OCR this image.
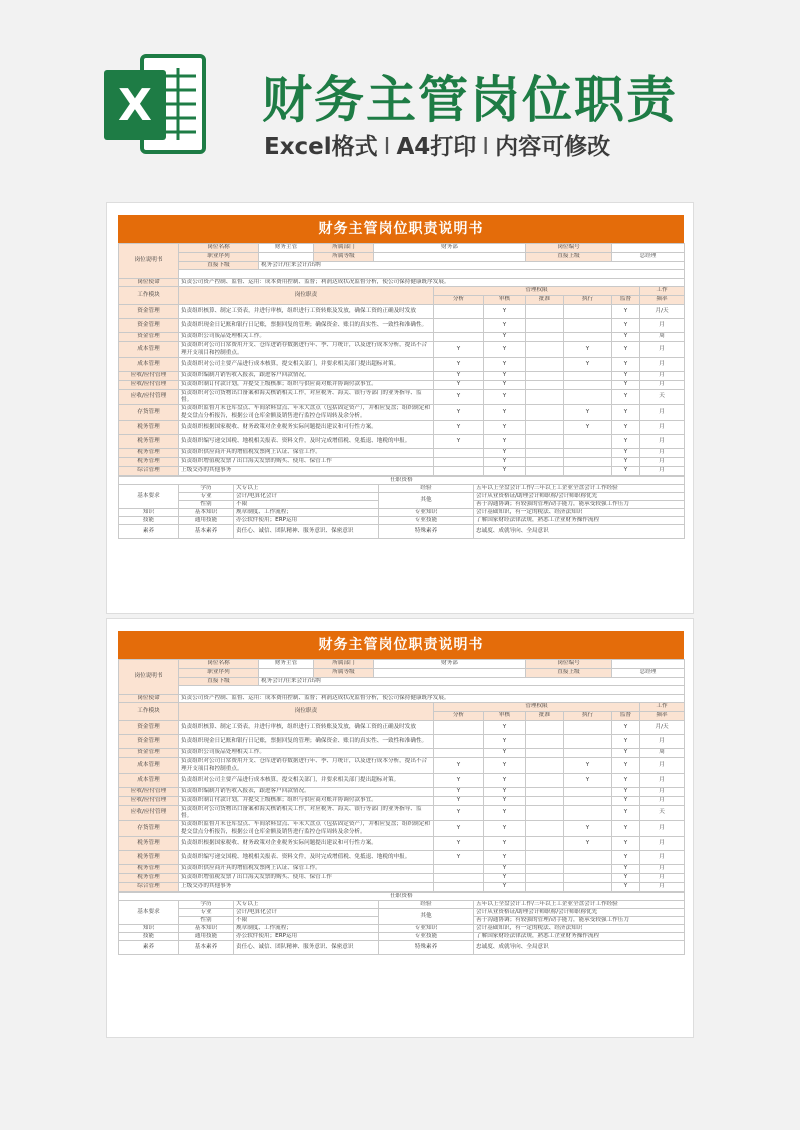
X 财务主管岗位职责
Excel格式 I A4打印 I 内容可修改
财务主管岗位职责说明书
岗位说明书	岗位名称	财务主管	所属部门	财务部			岗位编号			
	职业序列		所属等级				直接上级		总经理	
	直接下级	税务会计/往来会计/出纳								

岗位使命	负责公司资产控制、监督、运用：成本费用控制、监督；利润达成状况监督分析，使公司保持健康既序发展。									
工作模块	岗位职责				管理权限					工作
					分析	审核	批准	执行	监督	频率
资金管理	负责组织核算、制定工资表，并进行审核，组织进行工资转账及发放，确保工资的正确及时发放					Y			Y	月/天
资金管理	负责组织现金日记账和银行日记账，票据回复的管理；确保资金、账目的真实性、一致性和准确性。					Y			Y	月
资金管理	负责组织公司废品处理相关工作。					Y			Y	周
成本管理	负责组织对公司日常费用开支、仓库进销存数据进行年、季、月统计，以及进行成本分析，提出不合理开支项目和控制重点。				Y	Y		Y	Y	月
成本管理	负责组织对公司主要产品进行成本核算，提交相关部门，并要求相关部门提出超标对策。				Y	Y		Y	Y	月
应收/应付管理	负责组织编制月销售收入报表，跟进客户回款情况。				Y	Y			Y	月
应收/应付管理	负责组织制订付款计划，并提交上级核准；组织与供应商对账并协调付款事宜。				Y	Y			Y	月
应收/应付管理	负责组织对公司货物出口备案和海关核销相关工作，对应税务、海关、银行等部门的业务指导、监督。				Y	Y			Y	天
存货管理	负责组织监督月末仓库盘点、车间余料盘点、年末大盘点（包括固定资产），并相应复盘；组织制定和提交盘点分析报告，根据公司仓库金额及销售进行监控仓库周转及余分析。				Y	Y		Y	Y	月
税务管理	负责组织根据国家税收、财务政策对企业税务实际问题提出建议和可行性方案。				Y	Y		Y	Y	月
税务管理	负责组织编写递交国税、地税相关报表、资料文件，及时完成增值税、免抵退、地税的申报。				Y	Y			Y	月
税务管理	负责组织供应商开具的增值税发票网上认证、保管工作。					Y			Y	月
税务管理	负责组织增值税发票 / 出口海关发票的购买、使用、保管工作					Y			Y	月
综合管理	上级交办的其他事务					Y			Y	月
任职资格				
基本要求	学历	大专以上	经验	五年以上全盘会计工作/三年以上工企业全盘会计工作经验
	专业	会计/电算化会计	其他	会计从业资格证/助理会计师职称/会计师职称优先
	性别	不限		善于沟通协调；有较强的管理/动手能力，能承受较强工作压力
知识	基本知识	规章制度、工作流程；	专业知识	会计基础知识，有一定的税法、经济法知识
技能	通用技能	办公软件使用；ERP运用	专业技能	了解国家财经法律法规，熟悉工企业财务操作流程
素养	基本素养	责任心、诚信、团队精神、服务意识、保密意识	特殊素养	忠诚度、成就导向、全局意识
财务主管岗位职责说明书
岗位说明书	岗位名称	财务主管	所属部门	财务部			岗位编号			
	职业序列		所属等级				直接上级		总经理	
	直接下级	税务会计/往来会计/出纳								

岗位使命	负责公司资产控制、监督、运用：成本费用控制、监督；利润达成状况监督分析，使公司保持健康既序发展。									
工作模块	岗位职责				管理权限					工作
					分析	审核	批准	执行	监督	频率
资金管理	负责组织核算、制定工资表，并进行审核，组织进行工资转账及发放，确保工资的正确及时发放					Y			Y	月/天
资金管理	负责组织现金日记账和银行日记账，票据回复的管理；确保资金、账目的真实性、一致性和准确性。					Y			Y	月
资金管理	负责组织公司废品处理相关工作。					Y			Y	周
成本管理	负责组织对公司日常费用开支、仓库进销存数据进行年、季、月统计，以及进行成本分析，提出不合理开支项目和控制重点。				Y	Y		Y	Y	月
成本管理	负责组织对公司主要产品进行成本核算，提交相关部门，并要求相关部门提出超标对策。				Y	Y		Y	Y	月
应收/应付管理	负责组织编制月销售收入报表，跟进客户回款情况。				Y	Y			Y	月
应收/应付管理	负责组织制订付款计划，并提交上级核准；组织与供应商对账并协调付款事宜。				Y	Y			Y	月
应收/应付管理	负责组织对公司货物出口备案和海关核销相关工作，对应税务、海关、银行等部门的业务指导、监督。				Y	Y			Y	天
存货管理	负责组织监督月末仓库盘点、车间余料盘点、年末大盘点（包括固定资产），并相应复盘；组织制定和提交盘点分析报告，根据公司仓库金额及销售进行监控仓库周转及余分析。				Y	Y		Y	Y	月
税务管理	负责组织根据国家税收、财务政策对企业税务实际问题提出建议和可行性方案。				Y	Y		Y	Y	月
税务管理	负责组织编写递交国税、地税相关报表、资料文件，及时完成增值税、免抵退、地税的申报。				Y	Y			Y	月
税务管理	负责组织供应商开具的增值税发票网上认证、保管工作。					Y			Y	月
税务管理	负责组织增值税发票 / 出口海关发票的购买、使用、保管工作					Y			Y	月
综合管理	上级交办的其他事务					Y			Y	月
任职资格				
基本要求	学历	大专以上	经验	五年以上全盘会计工作/三年以上工企业全盘会计工作经验
	专业	会计/电算化会计	其他	会计从业资格证/助理会计师职称/会计师职称优先
	性别	不限		善于沟通协调；有较强的管理/动手能力，能承受较强工作压力
知识	基本知识	规章制度、工作流程；	专业知识	会计基础知识，有一定的税法、经济法知识
技能	通用技能	办公软件使用；ERP运用	专业技能	了解国家财经法律法规，熟悉工企业财务操作流程
素养	基本素养	责任心、诚信、团队精神、服务意识、保密意识	特殊素养	忠诚度、成就导向、全局意识
